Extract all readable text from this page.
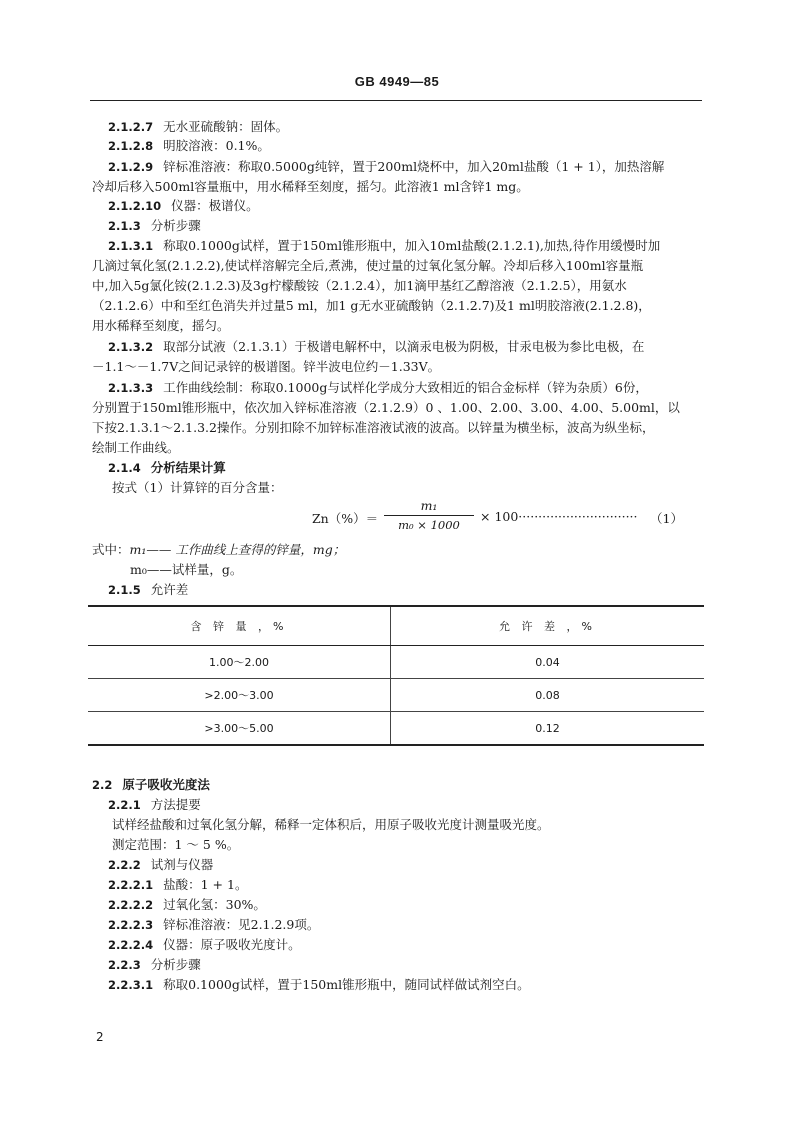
GB 4949—85
2.1.2.7 无水亚硫酸钠：固体。
2.1.2.8 明胶溶液：0.1%。
2.1.2.9 锌标准溶液：称取0.5000g纯锌，置于200ml烧杯中，加入20ml盐酸（1 + 1），加热溶解
冷却后移入500ml容量瓶中，用水稀释至刻度，摇匀。此溶液1 ml含锌1 mg。
2.1.2.10 仪器：极谱仪。
2.1.3 分析步骤
2.1.3.1 称取0.1000g试样，置于150ml锥形瓶中，加入10ml盐酸(2.1.2.1),加热,待作用缓慢时加
几滴过氧化氢(2.1.2.2),使试样溶解完全后,煮沸，使过量的过氧化氢分解。冷却后移入100ml容量瓶
中,加入5g氯化铵(2.1.2.3)及3g柠檬酸铵（2.1.2.4），加1滴甲基红乙醇溶液（2.1.2.5），用氨水
（2.1.2.6）中和至红色消失并过量5 ml，加1 g无水亚硫酸钠（2.1.2.7)及1 ml明胶溶液(2.1.2.8)，
用水稀释至刻度，摇匀。
2.1.3.2 取部分试液（2.1.3.1）于极谱电解杯中，以滴汞电极为阴极，甘汞电极为参比电极，在
－1.1～－1.7V之间记录锌的极谱图。锌半波电位约－1.33V。
2.1.3.3 工作曲线绘制：称取0.1000g与试样化学成分大致相近的铝合金标样（锌为杂质）6份，
分别置于150ml锥形瓶中，依次加入锌标准溶液（2.1.2.9）0 、1.00、2.00、3.00、4.00、5.00ml，以
下按2.1.3.1～2.1.3.2操作。分别扣除不加锌标准溶液试液的波高。以锌量为横坐标，波高为纵坐标，
绘制工作曲线。
2.1.4 分析结果计算
按式（1）计算锌的百分含量：
$Zn(\%)= \frac{\text{m₁}}{\text{m₀ × 1000}} \times 100\cdot\cdot\cdot\cdot\cdot\cdot\cdot\cdot\cdot\cdot\cdot\cdot\cdot\cdot\cdot\cdot\cdot\cdot\cdot\cdot\cdot\cdot\cdot\cdot\cdot\cdot\cdot\cdot\cdot\cdot (1)$
式中：m₁—— 工作曲线上查得的锌量，mg；
m₀——试样量，g。
2.1.5 允许差
含 锌 量 ，%	允 许 差 ，%
1.00～2.00	0.04
>2.00～3.00	0.08
>3.00～5.00	0.12
2.2 原子吸收光度法
2.2.1 方法提要
试样经盐酸和过氧化氢分解，稀释一定体积后，用原子吸收光度计测量吸光度。
测定范围：1 ～ 5 %。
2.2.2 试剂与仪器
2.2.2.1 盐酸：1 + 1。
2.2.2.2 过氧化氢：30%。
2.2.2.3 锌标准溶液：见2.1.2.9项。
2.2.2.4 仪器：原子吸收光度计。
2.2.3 分析步骤
2.2.3.1 称取0.1000g试样，置于150ml锥形瓶中，随同试样做试剂空白。
2
